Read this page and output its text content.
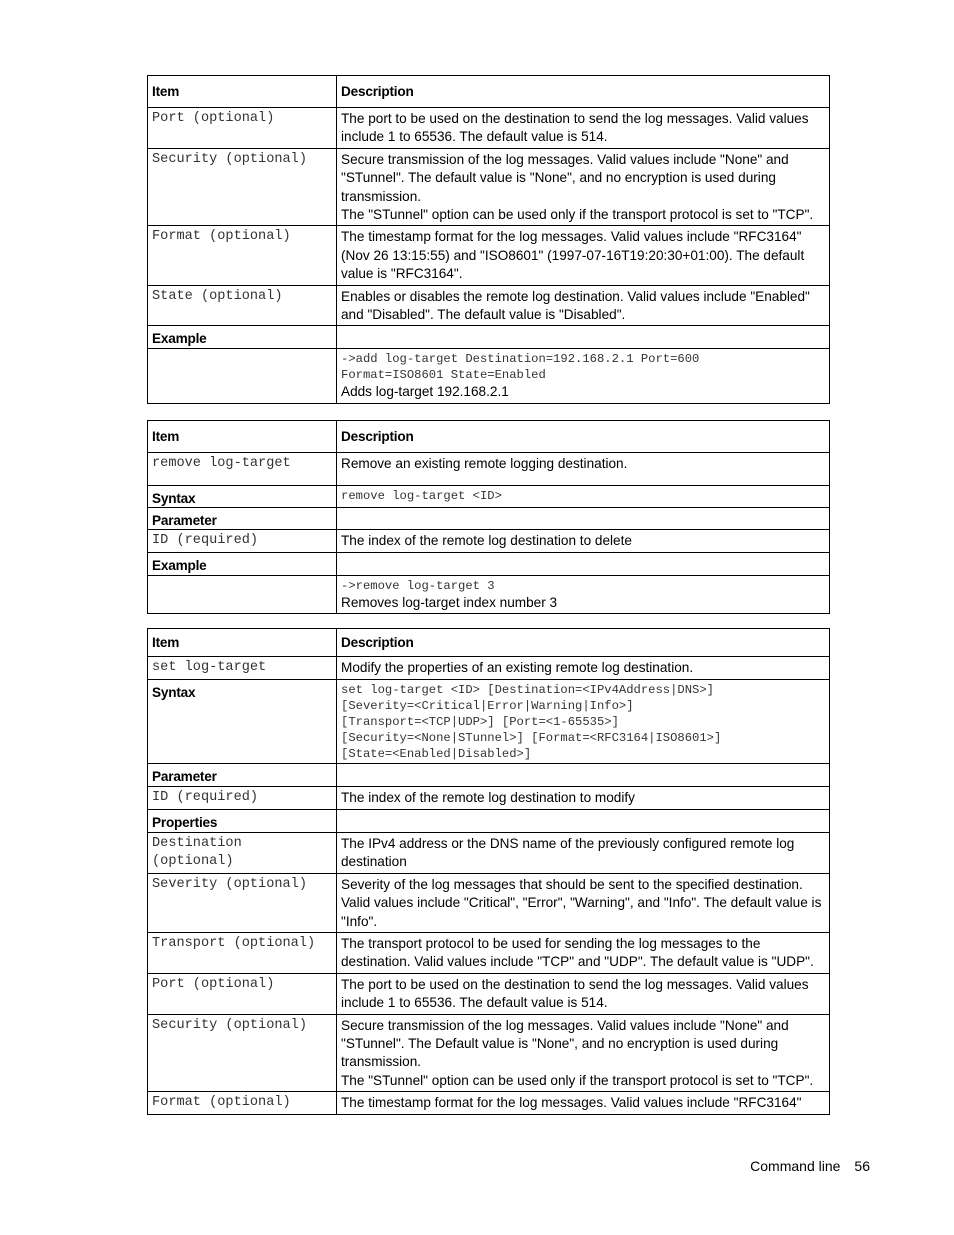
Item	Description
Port (optional)	The port to be used on the destination to send the log messages. Valid values include 1 to 65536. The default value is 514.

Security (optional)	Secure transmission of the log messages. Valid values include "None" and "STunnel". The default value is "None", and no encryption is used during transmission.

The "STunnel" option can be used only if the transport protocol is set to "TCP".

Format (optional)	The timestamp format for the log messages. Valid values include "RFC3164" (Nov 26 13:15:55) and "ISO8601" (1997-07-16T19:20:30+01:00). The default value is "RFC3164".

State (optional)	Enables or disables the remote log destination. Valid values include "Enabled" and "Disabled". The default value is "Disabled".

Example	

	->add log-target Destination=192.168.2.1 Port=600
Format=ISO8601 State=Enabled
Adds log-target 192.168.2.1
Item	Description
remove log-target	Remove an existing remote logging destination.
Syntax	remove log-target <ID>

Parameter	
ID (required)	The index of the remote log destination to delete
Example	

	->remove log-target 3
Removes log-target index number 3
Item	Description
set log-target	Modify the properties of an existing remote log destination.
Syntax	set log-target <ID> [Destination=<IPv4Address|DNS>]
[Severity=<Critical|Error|Warning|Info>]
[Transport=<TCP|UDP>] [Port=<1-65535>]
[Security=<None|STunnel>] [Format=<RFC3164|ISO8601>]
[State=<Enabled|Disabled>]

Parameter	
ID (required)	The index of the remote log destination to modify
Properties	
Destination
(optional)	The IPv4 address or the DNS name of the previously configured remote log destination

Severity (optional)	Severity of the log messages that should be sent to the specified destination. Valid values include "Critical", "Error", "Warning", and "Info". The default value is "Info".

Transport (optional)	The transport protocol to be used for sending the log messages to the destination. Valid values include "TCP" and "UDP". The default value is "UDP".

Port (optional)	The port to be used on the destination to send the log messages. Valid values include 1 to 65536. The default value is 514.

Security (optional)	Secure transmission of the log messages. Valid values include "None" and "STunnel". The Default value is "None", and no encryption is used during transmission.

The "STunnel" option can be used only if the transport protocol is set to "TCP".

Format (optional)	The timestamp format for the log messages. Valid values include "RFC3164"

Command line 56
